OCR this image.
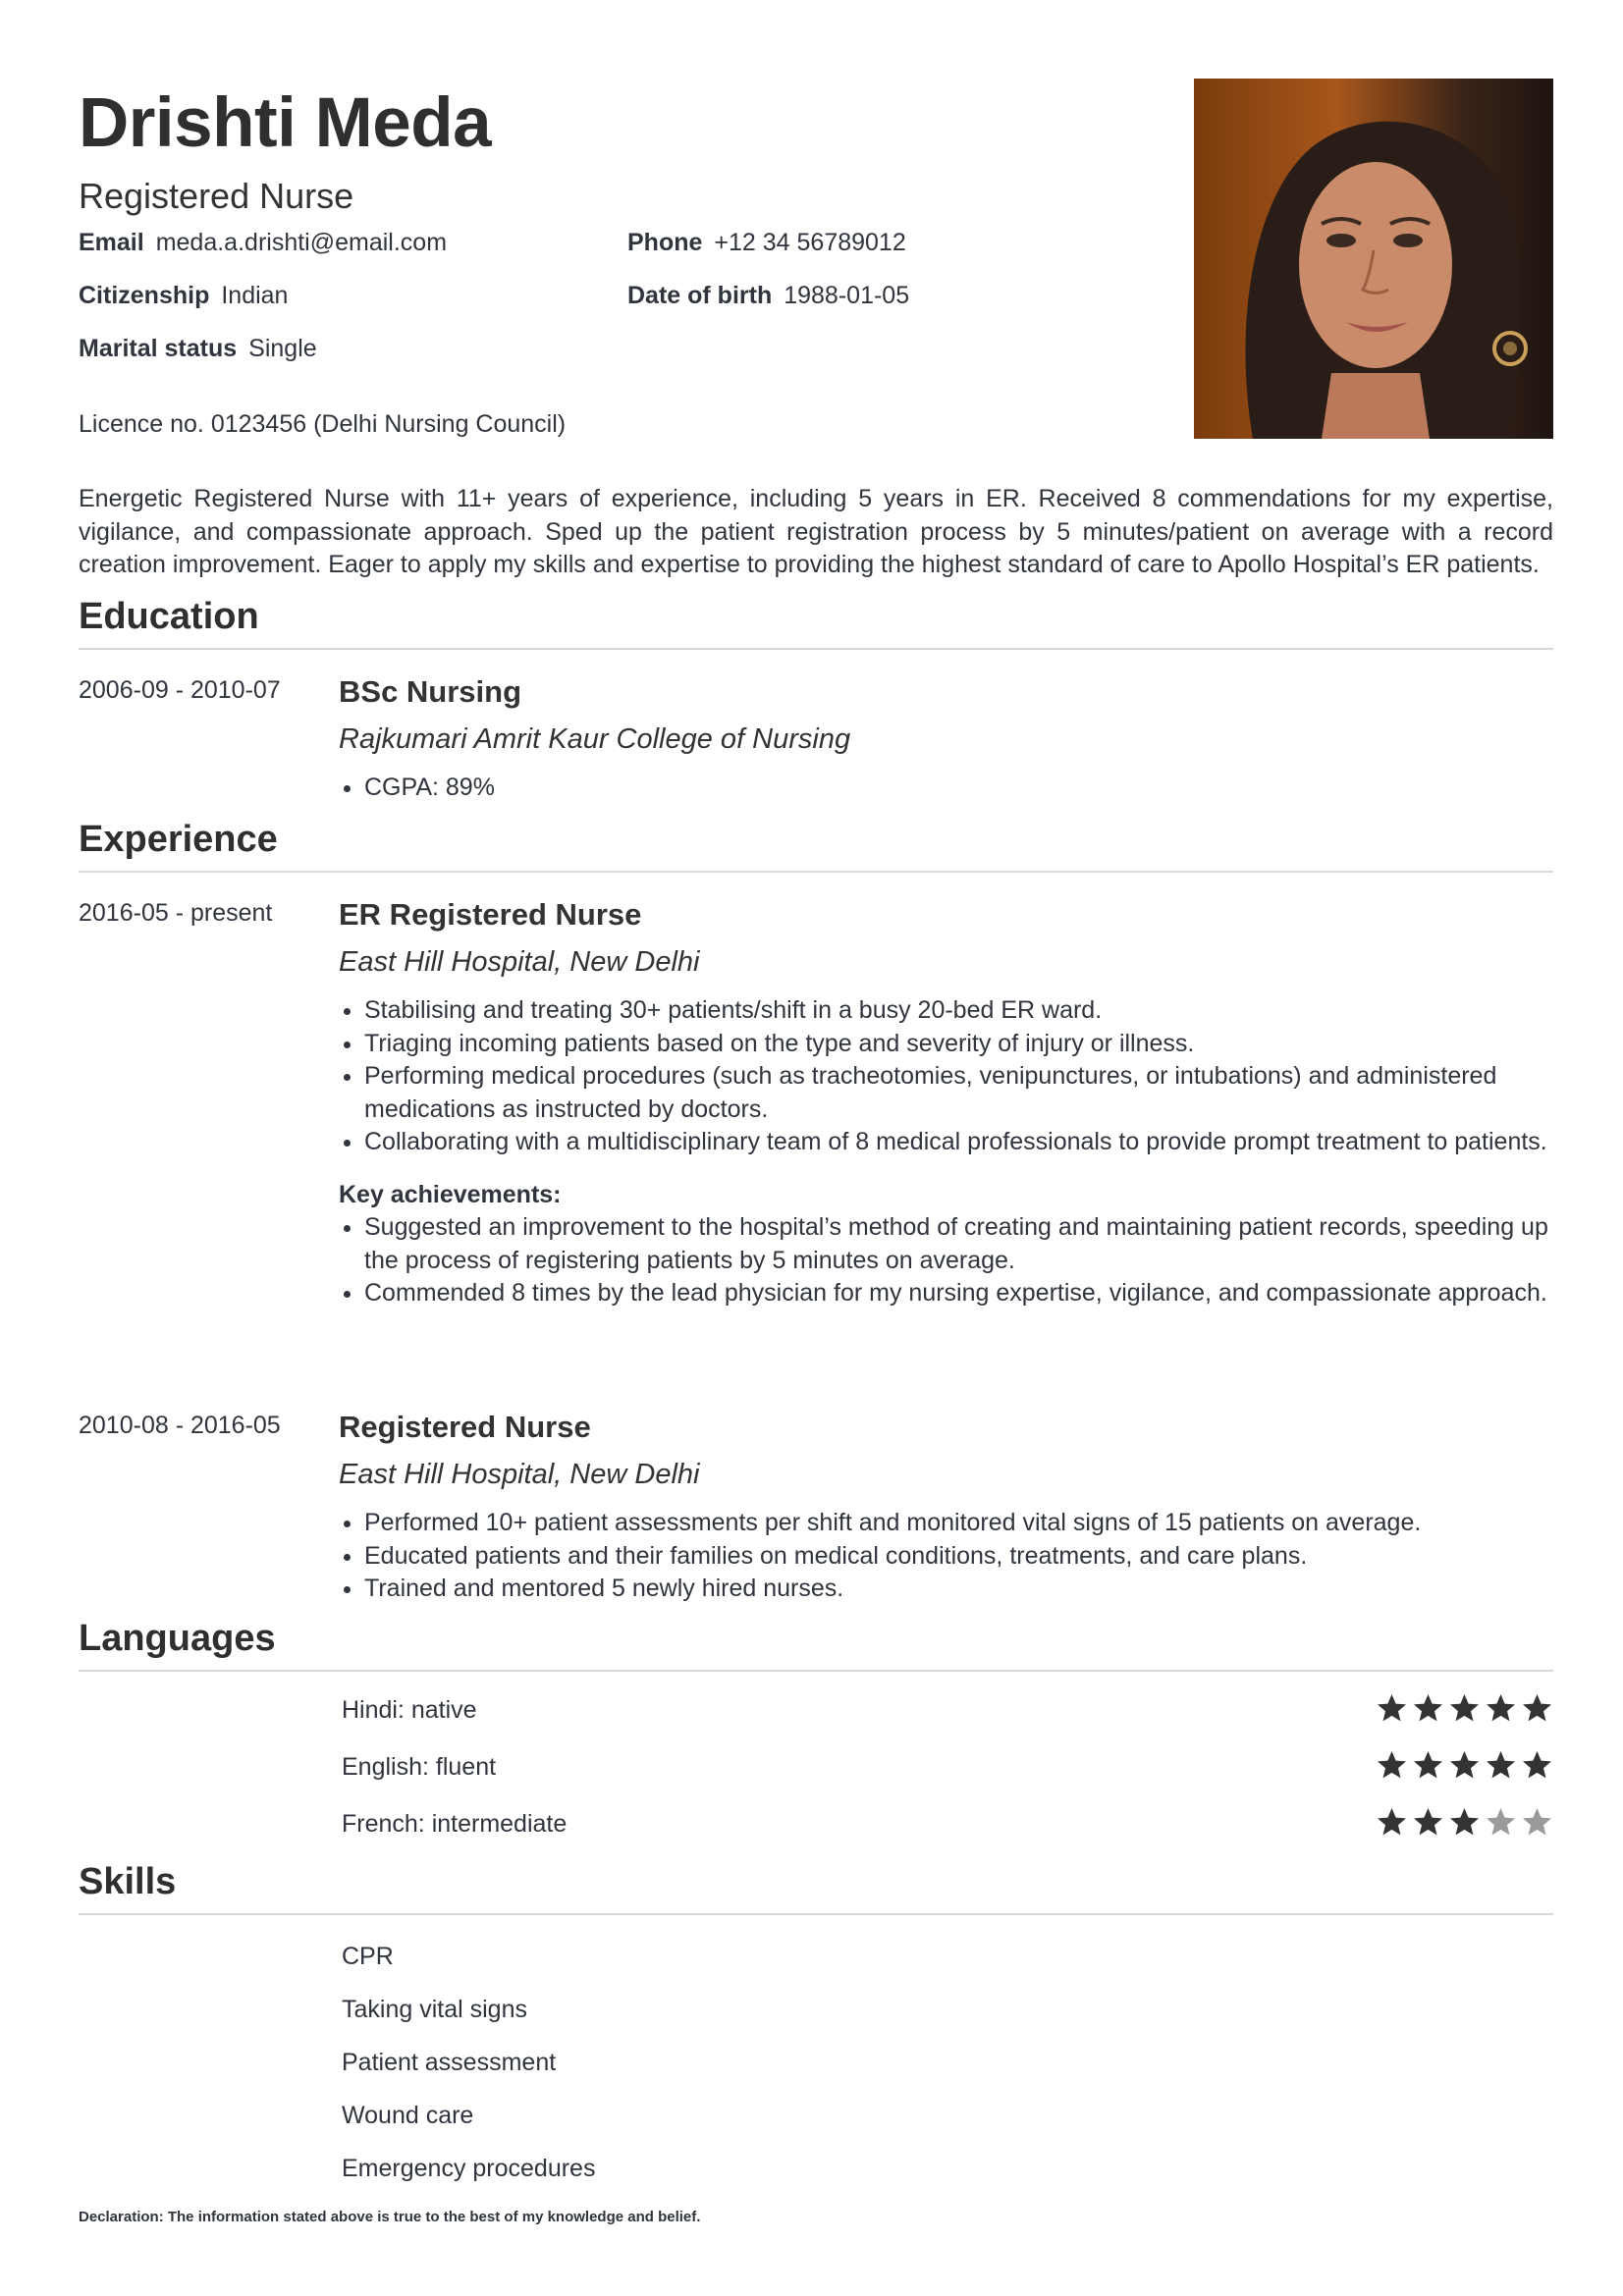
Drishti Meda
Registered Nurse
Email meda.a.drishti@email.com	Phone +12 34 56789012
Citizenship Indian	Date of birth 1988-01-05
Marital status Single
Licence no. 0123456 (Delhi Nursing Council)
Energetic Registered Nurse with 11+ years of experience, including 5 years in ER. Received 8 commendations for my expertise, vigilance, and compassionate approach. Sped up the patient registration process by 5 minutes/patient on average with a record creation improvement. Eager to apply my skills and expertise to providing the highest standard of care to Apollo Hospital’s ER patients.
Education
2006-09 - 2010-07 BSc Nursing
Rajkumari Amrit Kaur College of Nursing
• CGPA: 89%
Experience
2016-05 - present ER Registered Nurse
East Hill Hospital, New Delhi
• Stabilising and treating 30+ patients/shift in a busy 20-bed ER ward.
• Triaging incoming patients based on the type and severity of injury or illness.
• Performing medical procedures (such as tracheotomies, venipunctures, or intubations) and administered medications as instructed by doctors.
• Collaborating with a multidisciplinary team of 8 medical professionals to provide prompt treatment to patients.
Key achievements:
• Suggested an improvement to the hospital’s method of creating and maintaining patient records, speeding up the process of registering patients by 5 minutes on average.
• Commended 8 times by the lead physician for my nursing expertise, vigilance, and compassionate approach.
2010-08 - 2016-05 Registered Nurse
East Hill Hospital, New Delhi
• Performed 10+ patient assessments per shift and monitored vital signs of 15 patients on average.
• Educated patients and their families on medical conditions, treatments, and care plans.
• Trained and mentored 5 newly hired nurses.
Languages
Hindi: native
English: fluent
French: intermediate
Skills
CPR
Taking vital signs
Patient assessment
Wound care
Emergency procedures
Declaration: The information stated above is true to the best of my knowledge and belief.
